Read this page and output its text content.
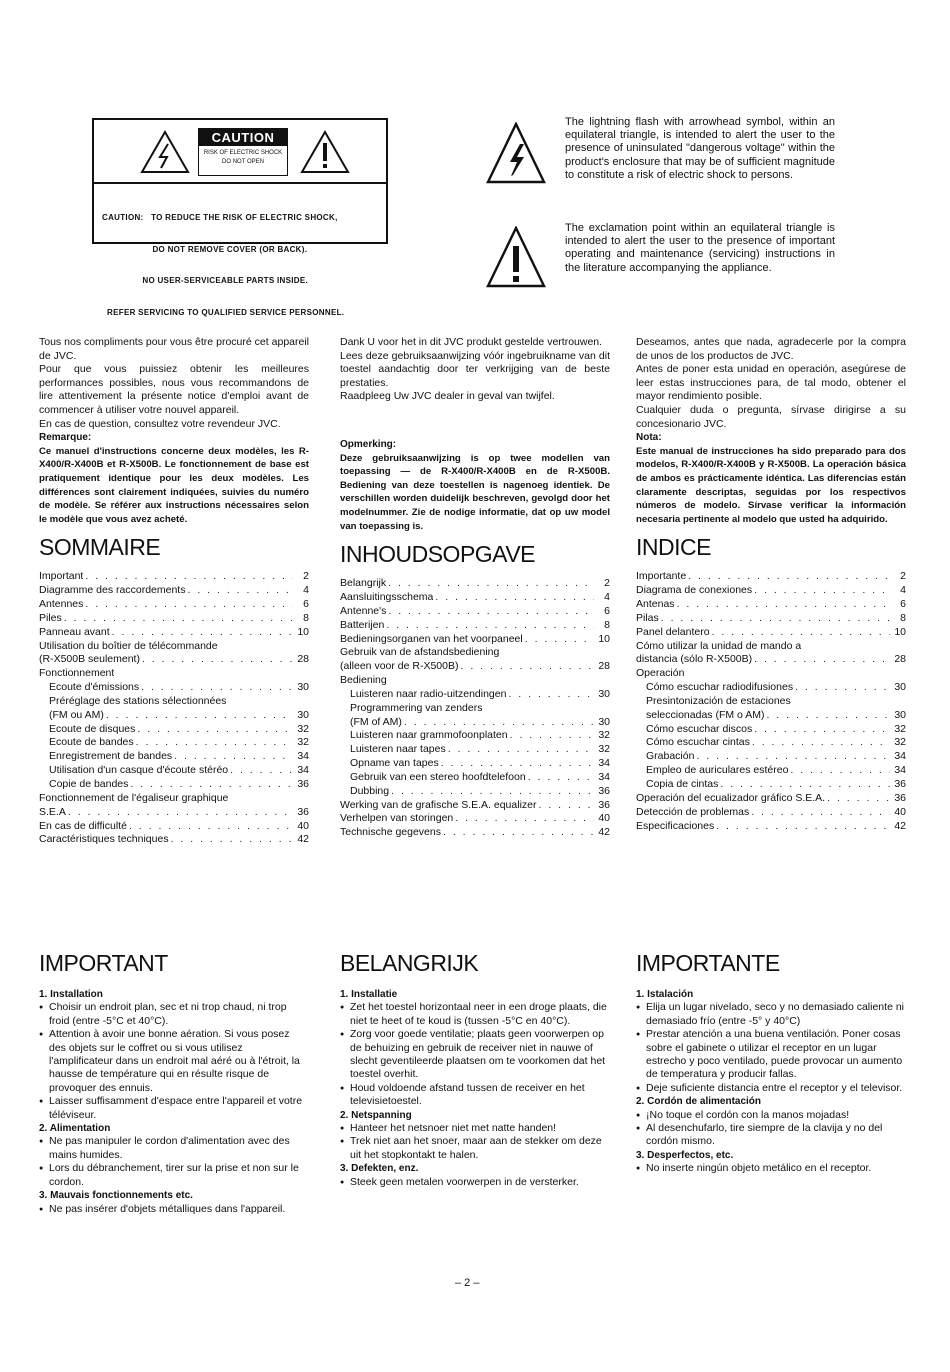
CAUTION
RISK OF ELECTRIC SHOCK
DO NOT OPEN

CAUTION:   TO REDUCE THE RISK OF ELECTRIC SHOCK,

DO NOT REMOVE COVER (OR BACK).

NO USER-SERVICEABLE PARTS INSIDE.

REFER SERVICING TO QUALIFIED SERVICE PERSONNEL.

The lightning flash with arrowhead symbol, within an equilateral triangle, is intended to alert the user to the presence of uninsulated "dangerous voltage" within the product's enclosure that may be of sufficient magnitude to constitute a risk of electric shock to persons.

The exclamation point within an equilateral triangle is intended to alert the user to the presence of important operating and maintenance (servicing) instructions in the literature accompanying the appliance.

Tous nos compliments pour vous être procuré cet appareil de JVC.

Pour que vous puissiez obtenir les meilleures performances possibles, nous vous recommandons de lire attentivement la présente notice d'emploi avant de commencer à utiliser votre nouvel appareil.

En cas de question, consultez votre revendeur JVC.

Remarque:

Ce manuel d'instructions concerne deux modèles, les R-X400/R-X400B et R-X500B. Le fonctionnement de base est pratiquement identique pour les deux modèles. Les différences sont clairement indiquées, suivies du numéro de modèle. Se référer aux instructions nécessaires selon le modèle que vous avez acheté.

SOMMAIRE
Important . . .	2
Diagramme des raccordements . . .	4
Antennes . . .	6
Piles . . .	8
Panneau avant . . .	10
Utilisation du boîtier de télécommande
(R-X500B seulement) . . .	28
Fonctionnement
Ecoute d'émissions . . .	30
Préréglage des stations sélectionnées
(FM ou AM) . . .	30
Ecoute de disques . . .	32
Ecoute de bandes . . .	32
Enregistrement de bandes . . .	34
Utilisation d'un casque d'écoute stéréo . . .	34
Copie de bandes . . .	36
Fonctionnement de l'égaliseur graphique
S.E.A . . .	36
En cas de difficulté . . .	40
Caractéristiques techniques . . .	42

Dank U voor het in dit JVC produkt gestelde vertrouwen.

Lees deze gebruiksaanwijzing vóór ingebruikname van dit toestel aandachtig door ter verkrijging van de beste prestaties.

Raadpleeg Uw JVC dealer in geval van twijfel.

Opmerking:

Deze gebruiksaanwijzing is op twee modellen van toepassing — de R-X400/R-X400B en de R-X500B. Bediening van deze toestellen is nagenoeg identiek. De verschillen worden duidelijk beschreven, gevolgd door het modelnummer. Zie de nodige informatie, dat op uw model van toepassing is.

INHOUDSOPGAVE
Belangrijk . . .	2
Aansluitingsschema . . .	4
Antenne's . . .	6
Batterijen . . .	8
Bedieningsorganen van het voorpaneel . . .	10
Gebruik van de afstandsbediening
(alleen voor de R-X500B) . . .	28
Bediening
Luisteren naar radio-uitzendingen . . .	30
Programmering van zenders
(FM of AM) . . .	30
Luisteren naar grammofoonplaten . . .	32
Luisteren naar tapes . . .	32
Opname van tapes . . .	34
Gebruik van een stereo hoofdtelefoon . . .	34
Dubbing . . .	36
Werking van de grafische S.E.A. equalizer . . .	36
Verhelpen van storingen . . .	40
Technische gegevens . . .	42

Deseamos, antes que nada, agradecerle por la compra de unos de los productos de JVC.

Antes de poner esta unidad en operación, asegúrese de leer estas instrucciones para, de tal modo, obtener el mayor rendimiento posible.

Cualquier duda o pregunta, sírvase dirigirse a su concesionario JVC.

Nota:

Este manual de instrucciones ha sido preparado para dos modelos, R-X400/R-X400B y R-X500B. La operación básica de ambos es prácticamente idéntica. Las diferencias están claramente descriptas, seguidas por los respectivos números de modelo. Sírvase verificar la información necesaria pertinente al modelo que usted ha adquirido.

INDICE
Importante . . .	2
Diagrama de conexiones . . .	4
Antenas . . .	6
Pilas . . .	8
Panel delantero . . .	10
Cómo utilizar la unidad de mando a
distancia (sólo R-X500B) . . .	28
Operación
Cómo escuchar radiodifusiones . . .	30
Presintonización de estaciones
seleccionadas (FM o AM) . . .	30
Cómo escuchar discos . . .	32
Cómo escuchar cintas . . .	32
Grabación . . .	34
Empleo de auriculares estéreo . . .	34
Copia de cintas . . .	36
Operación del ecualizador gráfico S.E.A. . . .	36
Detección de problemas . . .	40
Especificaciones . . .	42
IMPORTANT

1. Installation

● Choisir un endroit plan, sec et ni trop chaud, ni trop froid (entre -5°C et 40°C).
● Attention à avoir une bonne aération. Si vous posez des objets sur le coffret ou si vous utilisez l'amplificateur dans un endroit mal aéré ou à l'étroit, la hausse de température qui en résulte risque de provoquer des ennuis.
● Laisser suffisamment d'espace entre l'appareil et votre téléviseur.

2. Alimentation

● Ne pas manipuler le cordon d'alimentation avec des mains humides.
● Lors du débranchement, tirer sur la prise et non sur le cordon.

3. Mauvais fonctionnements etc.

● Ne pas insérer d'objets métalliques dans l'appareil.
BELANGRIJK

1. Installatie

● Zet het toestel horizontaal neer in een droge plaats, die niet te heet of te koud is (tussen -5°C en 40°C).
● Zorg voor goede ventilatie; plaats geen voorwerpen op de behuizing en gebruik de receiver niet in nauwe of slecht geventileerde plaatsen om te voorkomen dat het toestel overhit.
● Houd voldoende afstand tussen de receiver en het televisietoestel.

2. Netspanning

● Hanteer het netsnoer niet met natte handen!
● Trek niet aan het snoer, maar aan de stekker om deze uit het stopkontakt te halen.

3. Defekten, enz.

● Steek geen metalen voorwerpen in de versterker.
IMPORTANTE

1. Istalación

● Elija un lugar nivelado, seco y no demasiado caliente ni demasiado frío (entre -5° y 40°C)
● Prestar atención a una buena ventilación. Poner cosas sobre el gabinete o utilizar el receptor en un lugar estrecho y poco ventilado, puede provocar un aumento de temperatura y producir fallas.
● Deje suficiente distancia entre el receptor y el televisor.

2. Cordón de alimentación

● ¡No toque el cordón con la manos mojadas!
● Al desenchufarlo, tire siempre de la clavija y no del cordón mismo.

3. Desperfectos, etc.

● No inserte ningún objeto metálico en el receptor.
– 2 –
